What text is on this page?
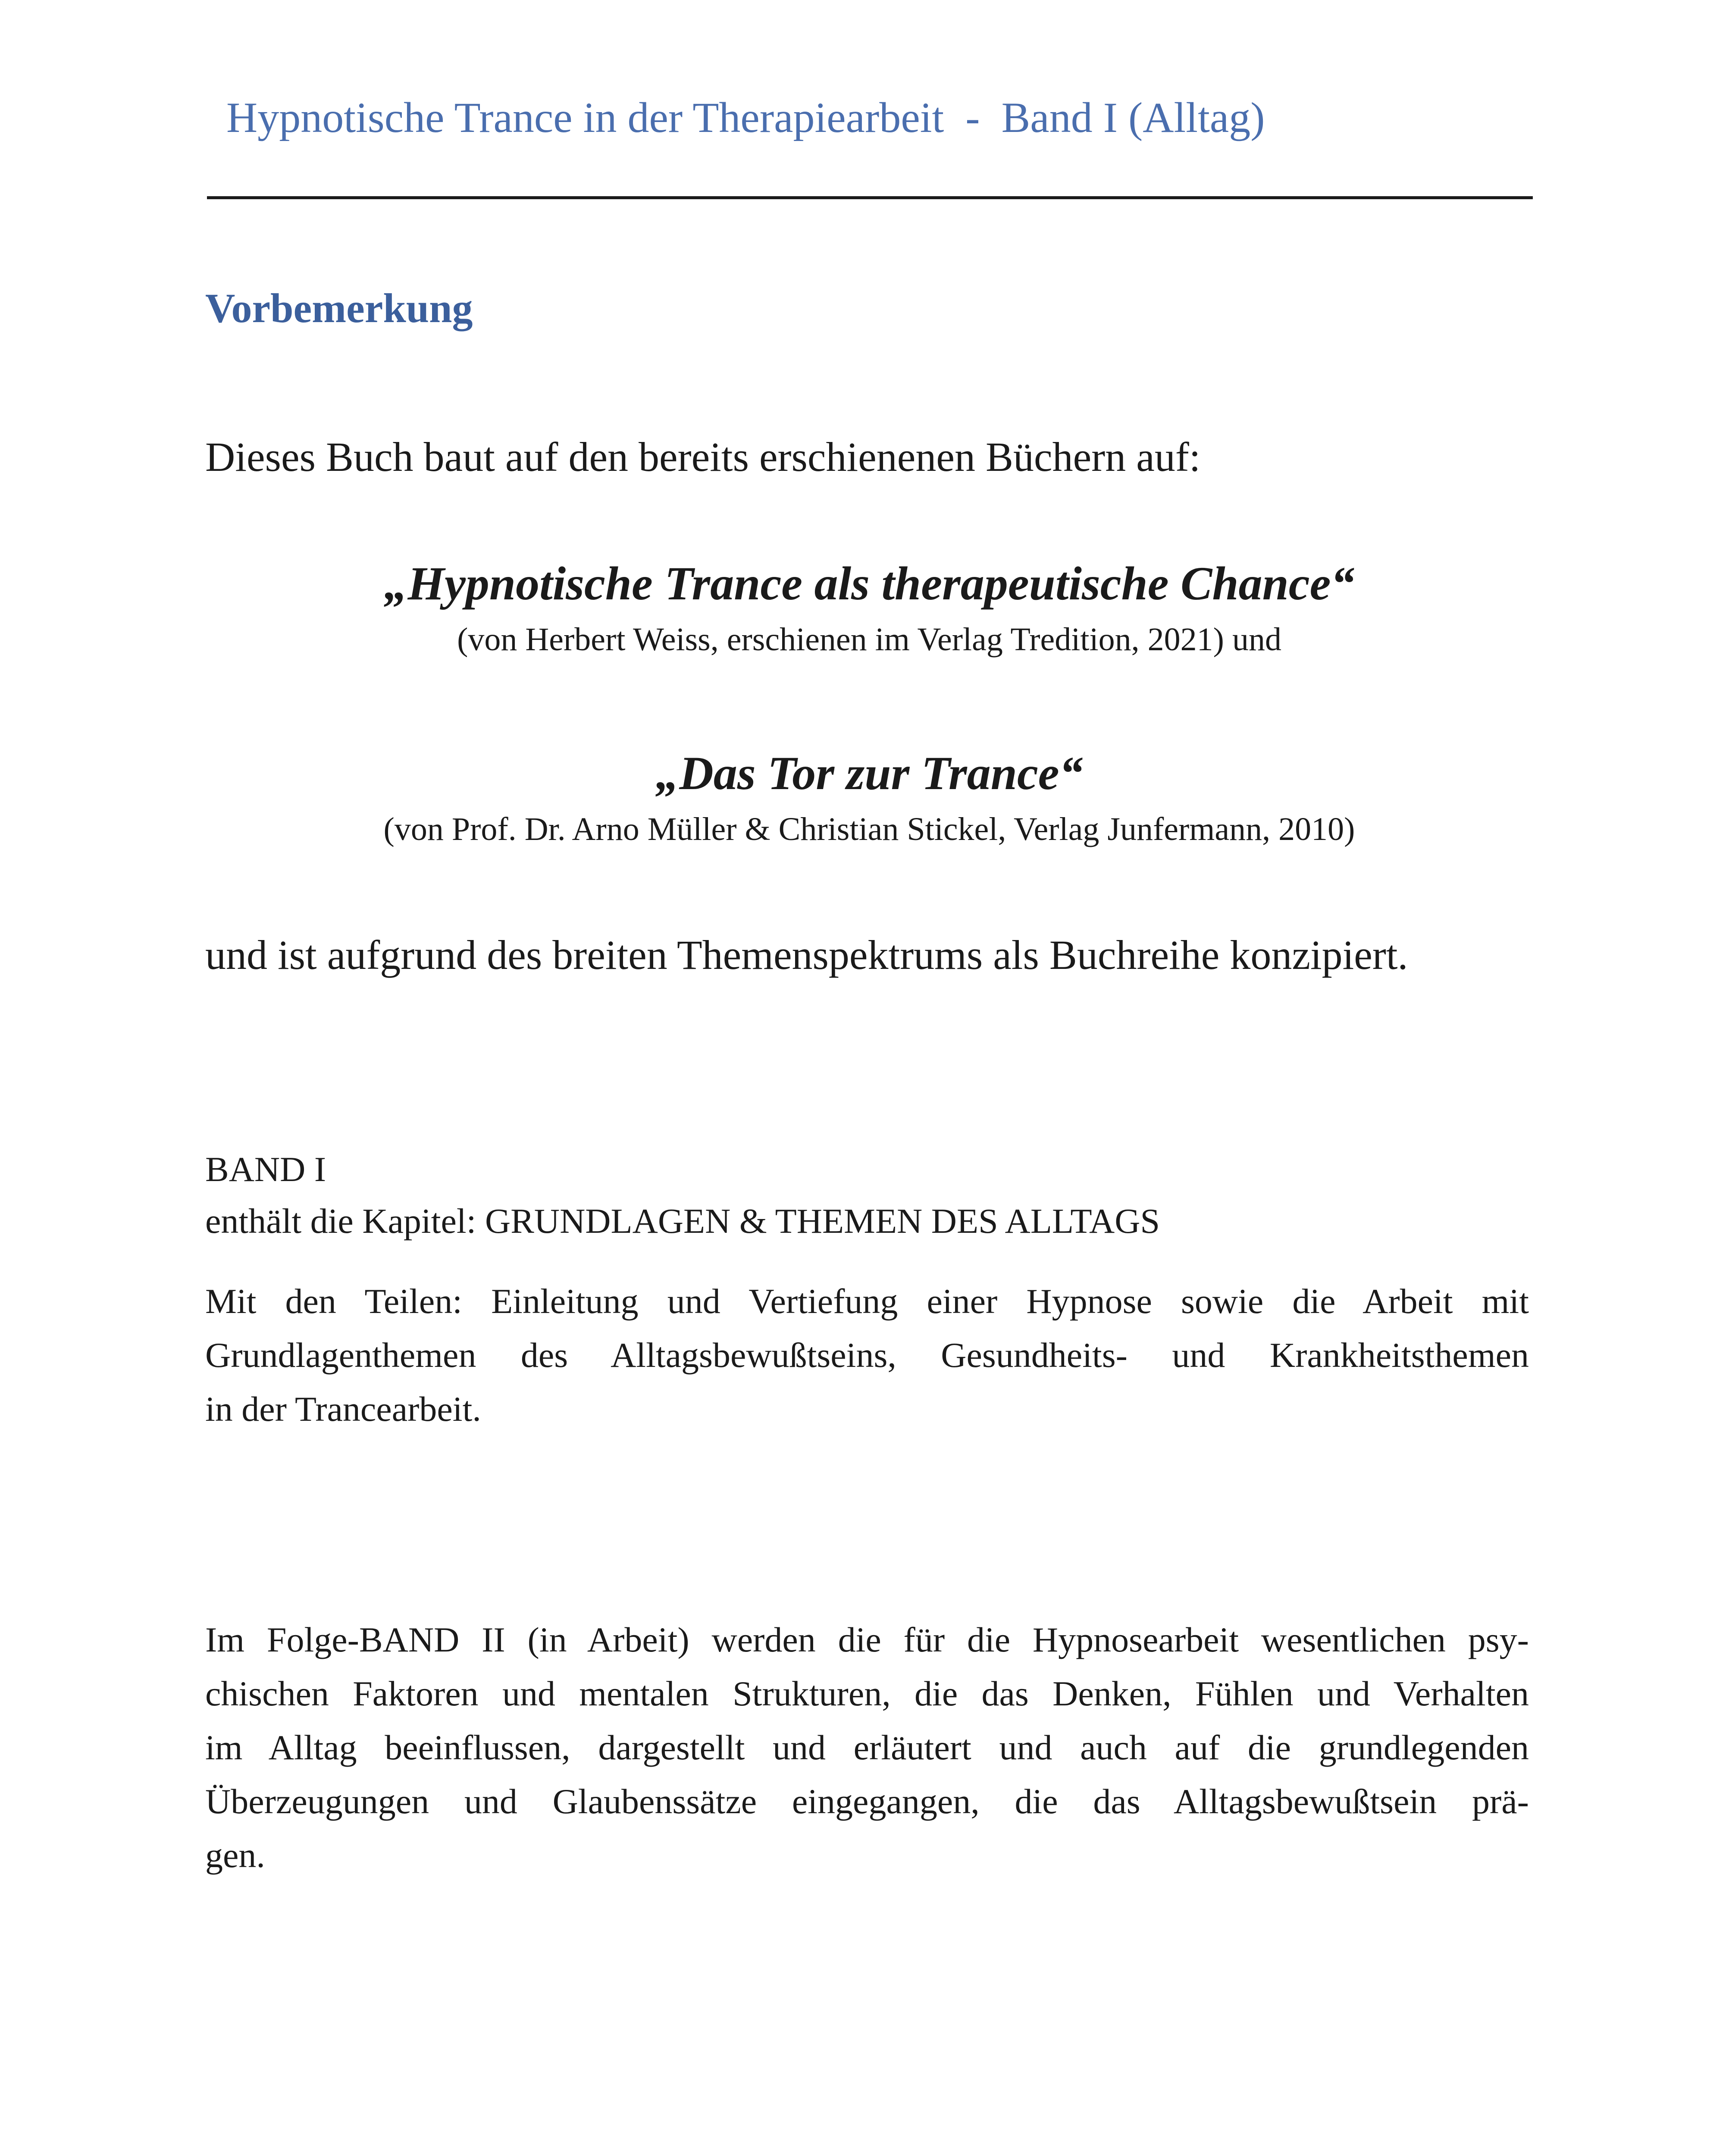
Hypnotische Trance in der Therapiearbeit  -  Band I (Alltag)
Vorbemerkung
Dieses Buch baut auf den bereits erschienenen Büchern auf:
„Hypnotische Trance als therapeutische Chance“
(von Herbert Weiss, erschienen im Verlag Tredition, 2021) und
„Das Tor zur Trance“
(von Prof. Dr. Arno Müller & Christian Stickel, Verlag Junfermann, 2010)
und ist aufgrund des breiten Themenspektrums als Buchreihe konzipiert.
BAND I
enthält die Kapitel: GRUNDLAGEN & THEMEN DES ALLTAGS
Mit den Teilen: Einleitung und Vertiefung einer Hypnose sowie die Arbeit mit
Grundlagenthemen des Alltagsbewußtseins, Gesundheits- und Krankheitsthemen
in der Trancearbeit.
Im Folge-BAND II (in Arbeit) werden die für die Hypnosearbeit wesentlichen psy-
chischen Faktoren und mentalen Strukturen, die das Denken, Fühlen und Verhalten
im Alltag beeinflussen, dargestellt und erläutert und auch auf die grundlegenden
Überzeugungen und Glaubenssätze eingegangen, die das Alltagsbewußtsein prä-
gen.
